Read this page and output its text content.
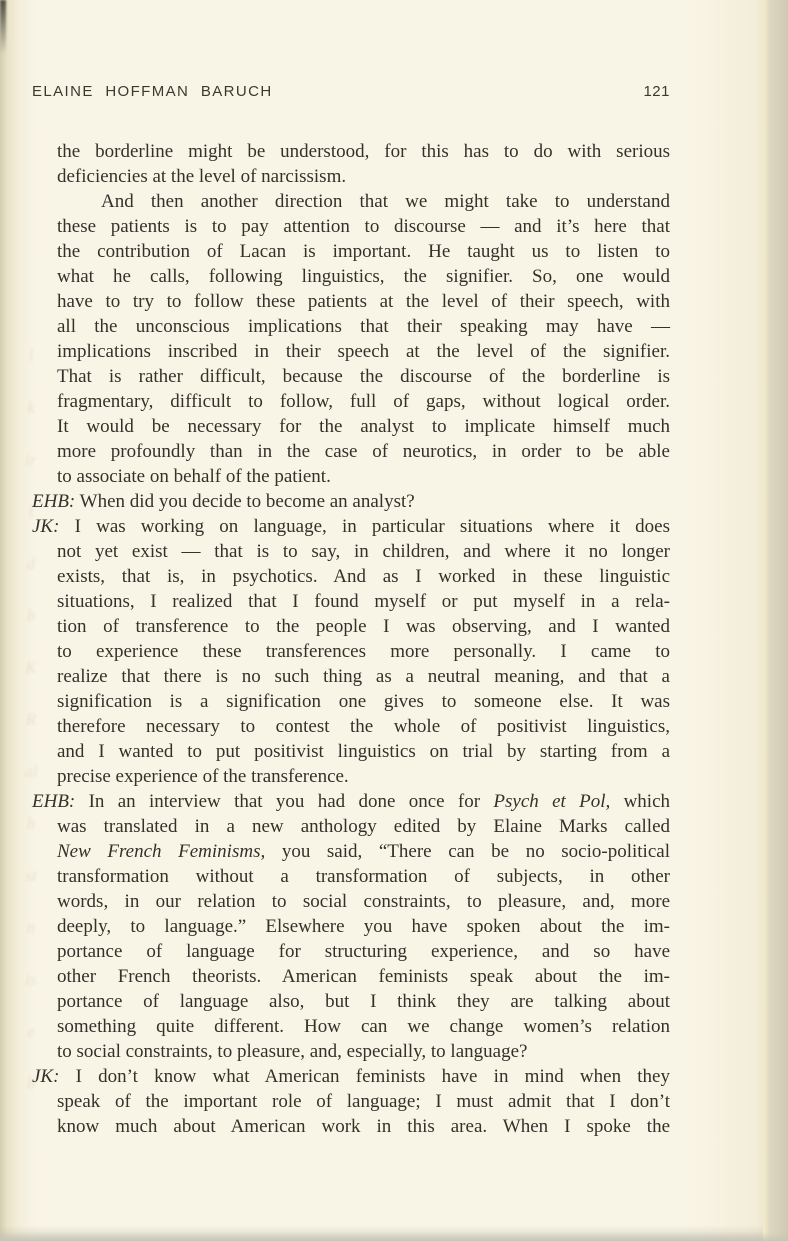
ELAINE HOFFMAN BARUCH	121
l
k
ir
t
d
b
K
R
al
h
st
n
is
e
b
the borderline might be understood, for this has to do with serious
deficiencies at the level of narcissism.
And then another direction that we might take to understand
these patients is to pay attention to discourse — and it’s here that
the contribution of Lacan is important. He taught us to listen to
what he calls, following linguistics, the signifier. So, one would
have to try to follow these patients at the level of their speech, with
all the unconscious implications that their speaking may have —
implications inscribed in their speech at the level of the signifier.
That is rather difficult, because the discourse of the borderline is
fragmentary, difficult to follow, full of gaps, without logical order.
It would be necessary for the analyst to implicate himself much
more profoundly than in the case of neurotics, in order to be able
to associate on behalf of the patient.
EHB: When did you decide to become an analyst?
JK: I was working on language, in particular situations where it does
not yet exist — that is to say, in children, and where it no longer
exists, that is, in psychotics. And as I worked in these linguistic
situations, I realized that I found myself or put myself in a rela-
tion of transference to the people I was observing, and I wanted
to experience these transferences more personally. I came to
realize that there is no such thing as a neutral meaning, and that a
signification is a signification one gives to someone else. It was
therefore necessary to contest the whole of positivist linguistics,
and I wanted to put positivist linguistics on trial by starting from a
precise experience of the transference.
EHB: In an interview that you had done once for Psych et Pol, which
was translated in a new anthology edited by Elaine Marks called
New French Feminisms, you said, “There can be no socio-political
transformation without a transformation of subjects, in other
words, in our relation to social constraints, to pleasure, and, more
deeply, to language.” Elsewhere you have spoken about the im-
portance of language for structuring experience, and so have
other French theorists. American feminists speak about the im-
portance of language also, but I think they are talking about
something quite different. How can we change women’s relation
to social constraints, to pleasure, and, especially, to language?
JK: I don’t know what American feminists have in mind when they
speak of the important role of language; I must admit that I don’t
know much about American work in this area. When I spoke the
